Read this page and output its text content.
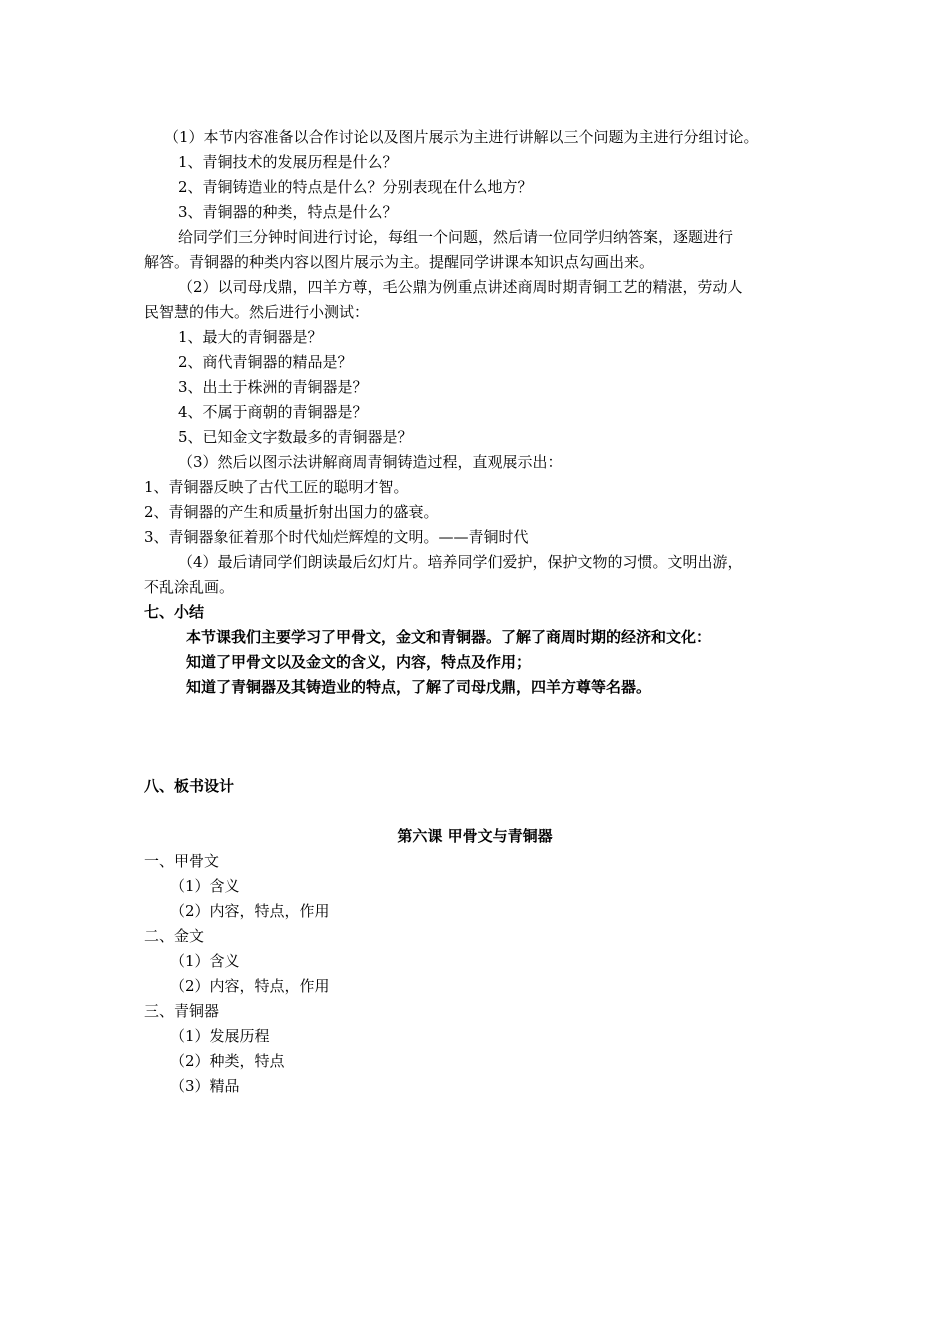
（1）本节内容准备以合作讨论以及图片展示为主进行讲解以三个问题为主进行分组讨论。
1、青铜技术的发展历程是什么？
2、青铜铸造业的特点是什么？分别表现在什么地方？
3、青铜器的种类，特点是什么？
给同学们三分钟时间进行讨论，每组一个问题，然后请一位同学归纳答案，逐题进行
解答。青铜器的种类内容以图片展示为主。提醒同学讲课本知识点勾画出来。
（2）以司母戊鼎，四羊方尊，毛公鼎为例重点讲述商周时期青铜工艺的精湛，劳动人
民智慧的伟大。然后进行小测试：
1、最大的青铜器是？
2、商代青铜器的精品是？
3、出土于株洲的青铜器是？
4、不属于商朝的青铜器是？
5、已知金文字数最多的青铜器是？
（3）然后以图示法讲解商周青铜铸造过程，直观展示出：
1、青铜器反映了古代工匠的聪明才智。
2、青铜器的产生和质量折射出国力的盛衰。
3、青铜器象征着那个时代灿烂辉煌的文明。——青铜时代
（4）最后请同学们朗读最后幻灯片。培养同学们爱护，保护文物的习惯。文明出游，
不乱涂乱画。
七、小结
本节课我们主要学习了甲骨文，金文和青铜器。了解了商周时期的经济和文化：
知道了甲骨文以及金文的含义，内容，特点及作用；
知道了青铜器及其铸造业的特点，了解了司母戊鼎，四羊方尊等名器。
八、板书设计
第六课 甲骨文与青铜器
一、甲骨文
（1）含义
（2）内容，特点，作用
二、金文
（1）含义
（2）内容，特点，作用
三、青铜器
（1）发展历程
（2）种类，特点
（3）精品
